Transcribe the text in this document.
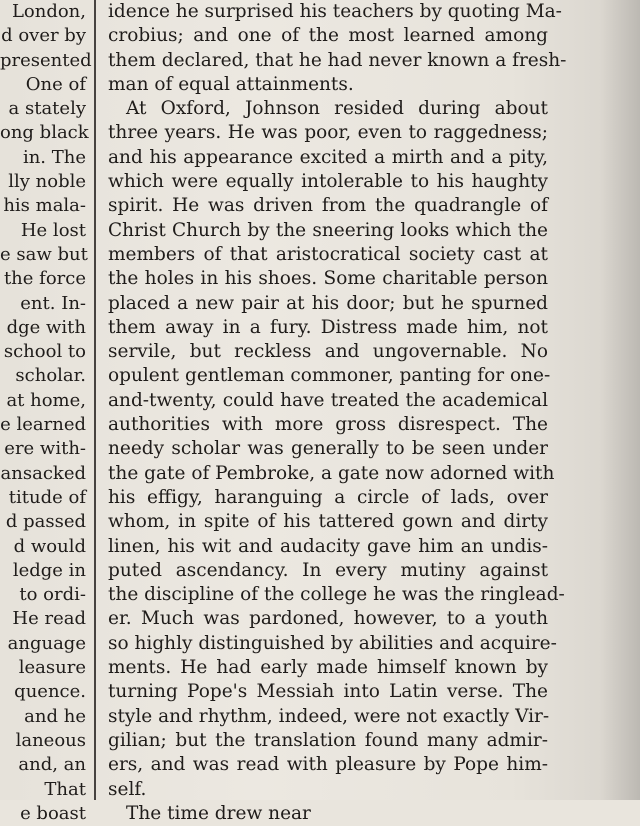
London,
d over by
presented
One of
a stately
ong black
in. The
lly noble
his mala-
He lost
e saw but
the force
ent. In-
dge with
school to
scholar.
at home,
e learned
ere with-
ansacked
titude of
d passed
d would
ledge in
to ordi-
He read
anguage
leasure
quence.
and he
laneous
and, an
That
e boast
idence he surprised his teachers by quoting Ma-
crobius; and one of the most learned among
them declared, that he had never known a fresh-
man of equal attainments.
At Oxford, Johnson resided during about
three years. He was poor, even to raggedness;
and his appearance excited a mirth and a pity,
which were equally intolerable to his haughty
spirit. He was driven from the quadrangle of
Christ Church by the sneering looks which the
members of that aristocratical society cast at
the holes in his shoes. Some charitable person
placed a new pair at his door; but he spurned
them away in a fury. Distress made him, not
servile, but reckless and ungovernable. No
opulent gentleman commoner, panting for one-
and-twenty, could have treated the academical
authorities with more gross disrespect. The
needy scholar was generally to be seen under
the gate of Pembroke, a gate now adorned with
his effigy, haranguing a circle of lads, over
whom, in spite of his tattered gown and dirty
linen, his wit and audacity gave him an undis-
puted ascendancy. In every mutiny against
the discipline of the college he was the ringlead-
er. Much was pardoned, however, to a youth
so highly distinguished by abilities and acquire-
ments. He had early made himself known by
turning Pope's Messiah into Latin verse. The
style and rhythm, indeed, were not exactly Vir-
gilian; but the translation found many admir-
ers, and was read with pleasure by Pope him-
self.
The time drew near
